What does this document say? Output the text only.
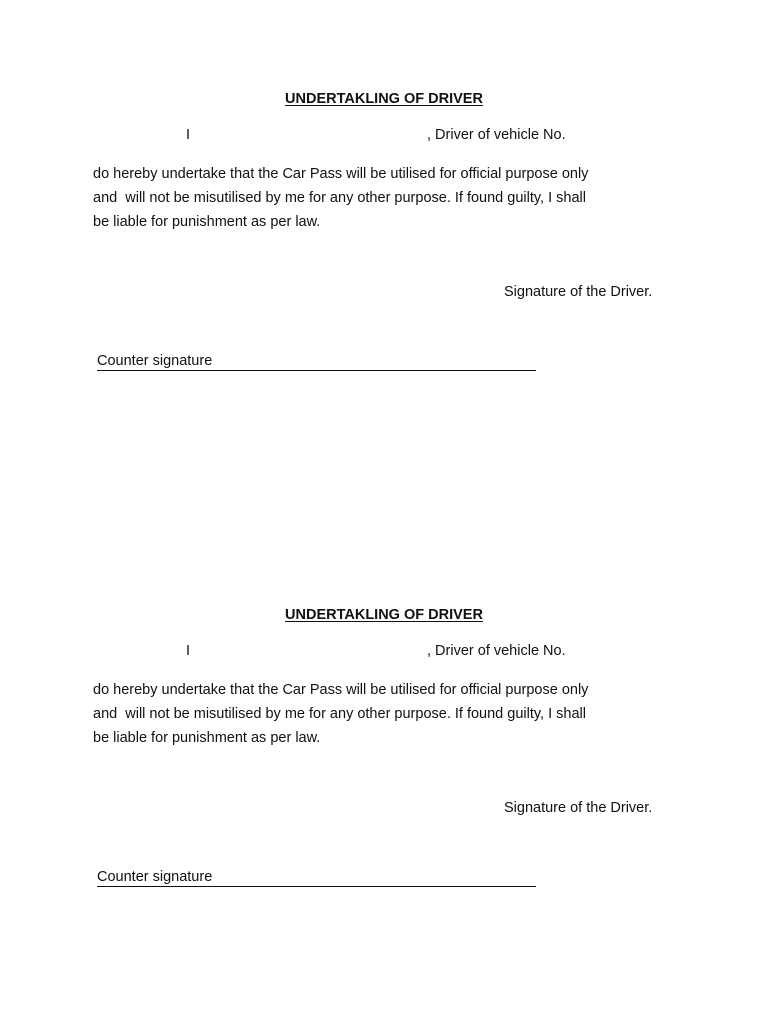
UNDERTAKLING OF DRIVER
I	, Driver of vehicle No.
do hereby undertake that the Car Pass will be utilised for official purpose only
and  will not be misutilised by me for any other purpose. If found guilty, I shall
be liable for punishment as per law.
Signature of the Driver.
Counter signature
UNDERTAKLING OF DRIVER
I	, Driver of vehicle No.
do hereby undertake that the Car Pass will be utilised for official purpose only
and  will not be misutilised by me for any other purpose. If found guilty, I shall
be liable for punishment as per law.
Signature of the Driver.
Counter signature
